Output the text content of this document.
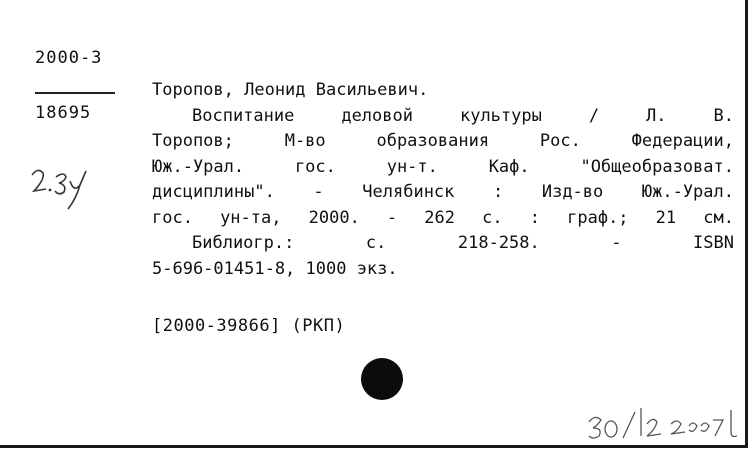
2000-3
18695
Торопов, Леонид Васильевич.
Воспитание деловой культуры / Л. В.
Торопов; М-во образования Рос. Федерации,
Юж.-Урал. гос. ун-т. Каф. "Общеобразоват.
дисциплины". - Челябинск : Изд-во Юж.-Урал.
гос. ун-та, 2000. - 262 с. : граф.; 21 см.
Библиогр.: с. 218-258. - ISBN
5-696-01451-8, 1000 экз.
[2000-39866] (РКП)
